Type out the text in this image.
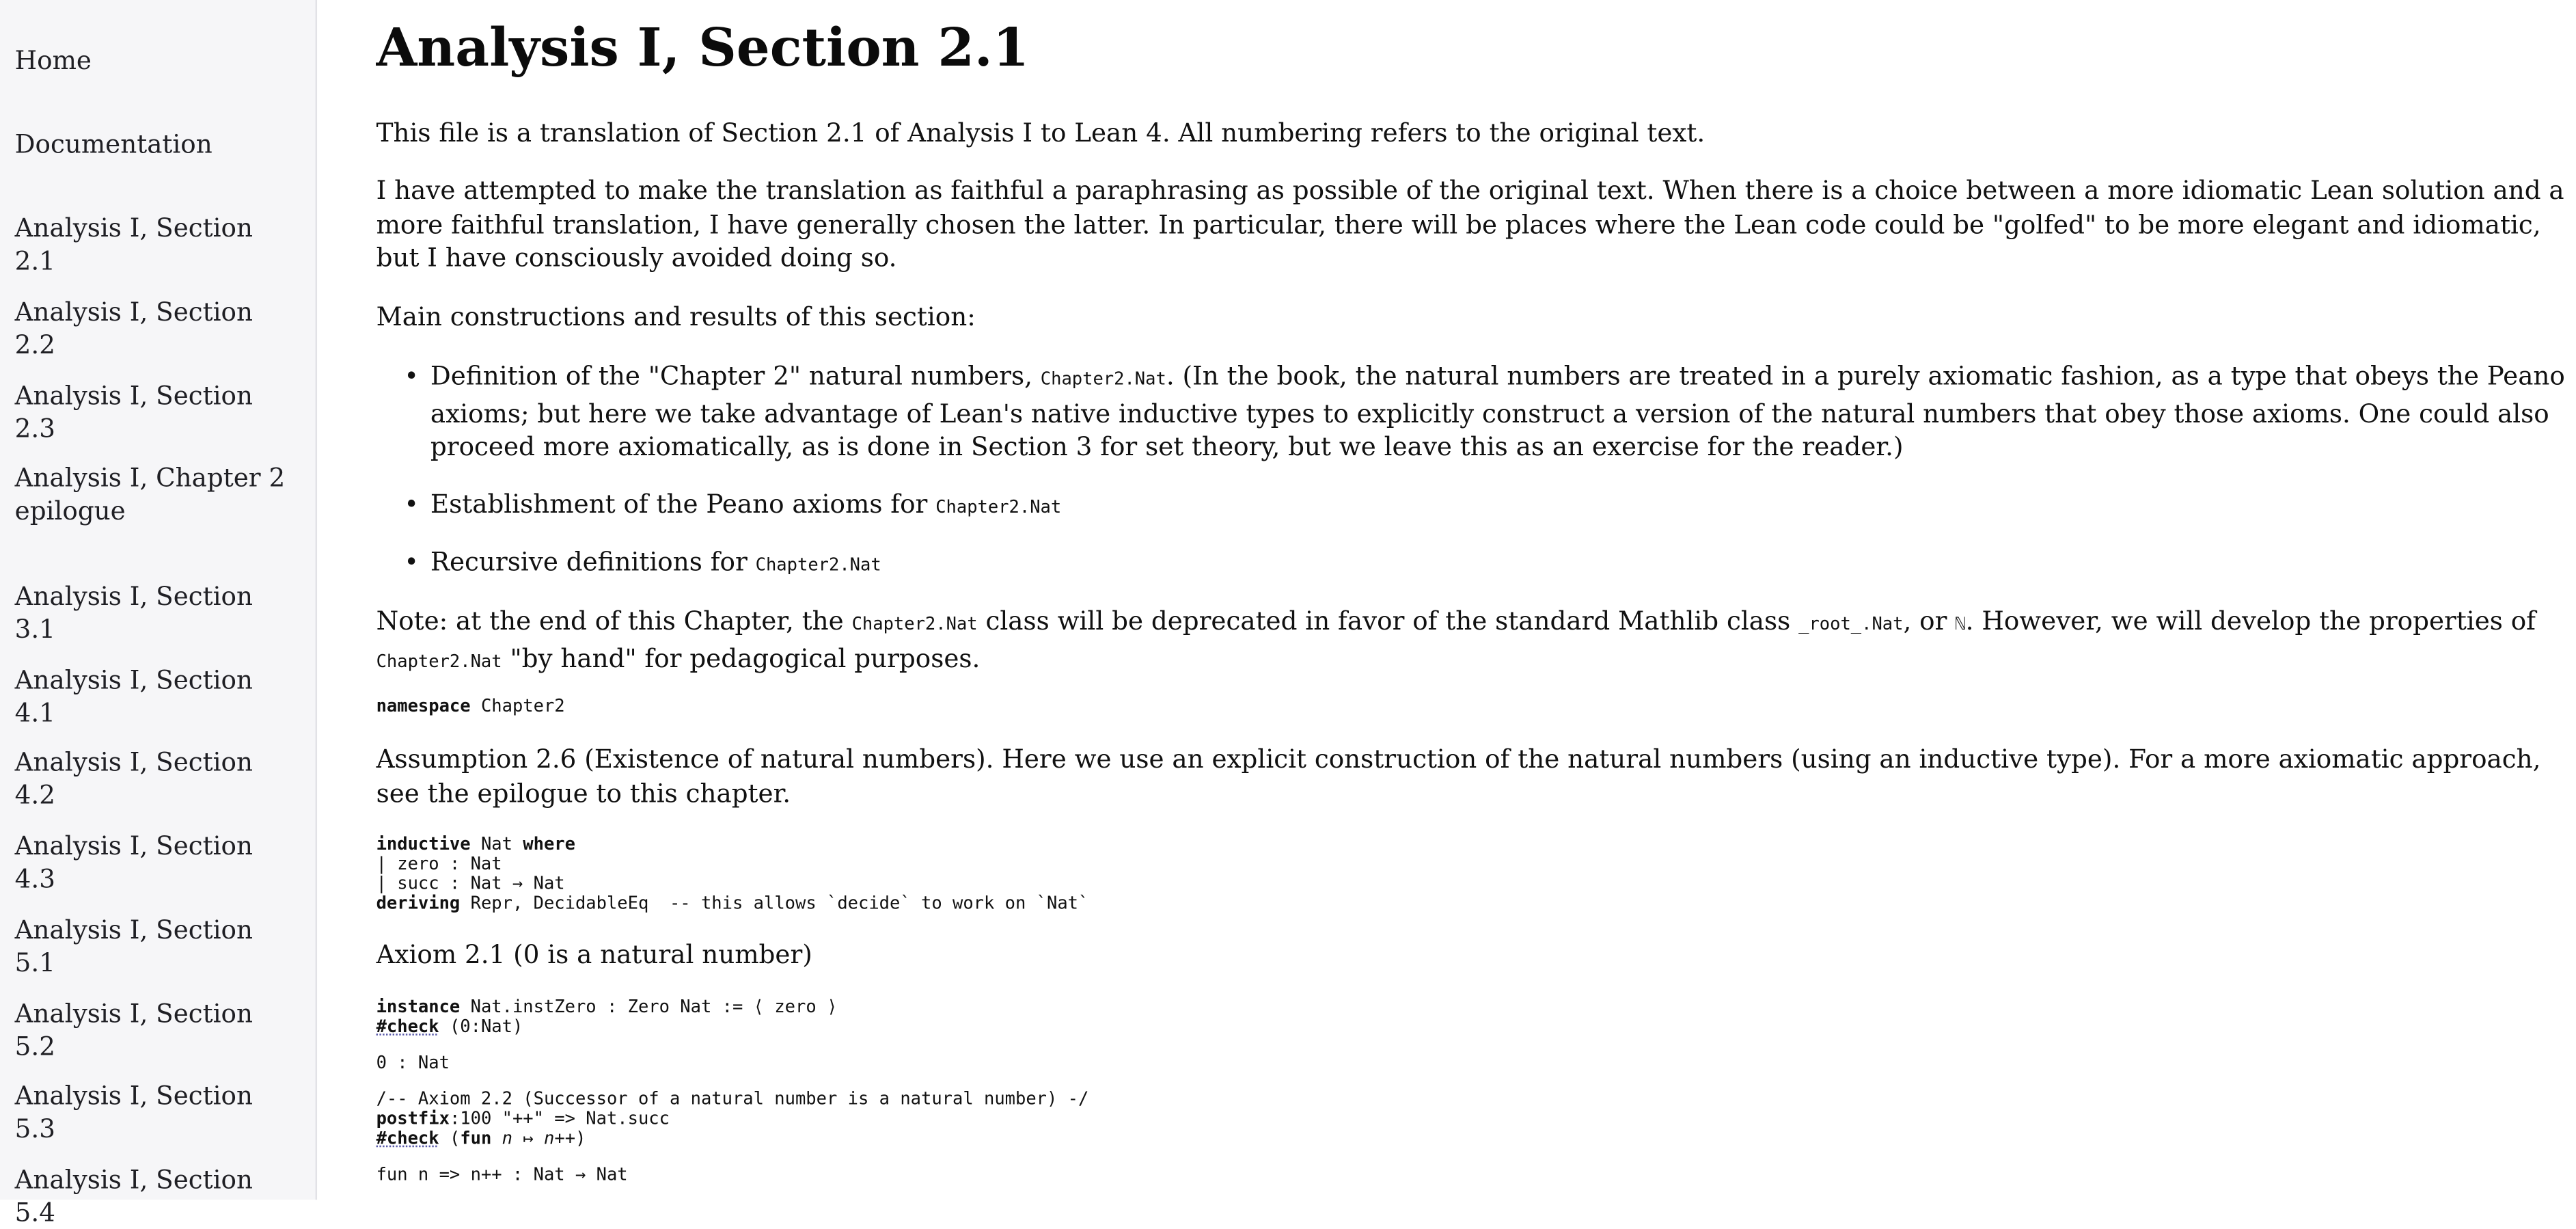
Home
Documentation
Analysis I, Section 2.1
Analysis I, Section 2.2
Analysis I, Section 2.3
Analysis I, Chapter 2 epilogue
Analysis I, Section 3.1
Analysis I, Section 4.1
Analysis I, Section 4.2
Analysis I, Section 4.3
Analysis I, Section 5.1
Analysis I, Section 5.2
Analysis I, Section 5.3
Analysis I, Section 5.4
Analysis I, Section 2.1

This file is a translation of Section 2.1 of Analysis I to Lean 4. All numbering refers to the original text.

I have attempted to make the translation as faithful a paraphrasing as possible of the original text. When there is a choice between a more idiomatic Lean solution and a more faithful translation, I have generally chosen the latter. In particular, there will be places where the Lean code could be "golfed" to be more elegant and idiomatic, but I have consciously avoided doing so.

Main constructions and results of this section:

• Definition of the "Chapter 2" natural numbers, Chapter2.Nat. (In the book, the natural numbers are treated in a purely axiomatic fashion, as a type that obeys the Peano axioms; but here we take advantage of Lean's native inductive types to explicitly construct a version of the natural numbers that obey those axioms. One could also proceed more axiomatically, as is done in Section 3 for set theory, but we leave this as an exercise for the reader.)
• Establishment of the Peano axioms for Chapter2.Nat
• Recursive definitions for Chapter2.Nat

Note: at the end of this Chapter, the Chapter2.Nat class will be deprecated in favor of the standard Mathlib class _root_.Nat, or ℕ. However, we will develop the properties of Chapter2.Nat "by hand" for pedagogical purposes.

namespace Chapter2

Assumption 2.6 (Existence of natural numbers). Here we use an explicit construction of the natural numbers (using an inductive type). For a more axiomatic approach, see the epilogue to this chapter.

inductive Nat where
| zero : Nat
| succ : Nat → Nat
deriving Repr, DecidableEq  -- this allows `decide` to work on `Nat`

Axiom 2.1 (0 is a natural number)

instance Nat.instZero : Zero Nat := ⟨ zero ⟩
#check (0:Nat)
0 : Nat
/-- Axiom 2.2 (Successor of a natural number is a natural number) -/
postfix:100 "++" => Nat.succ
#check (fun n ↦ n++)
fun n => n++ : Nat → Nat
